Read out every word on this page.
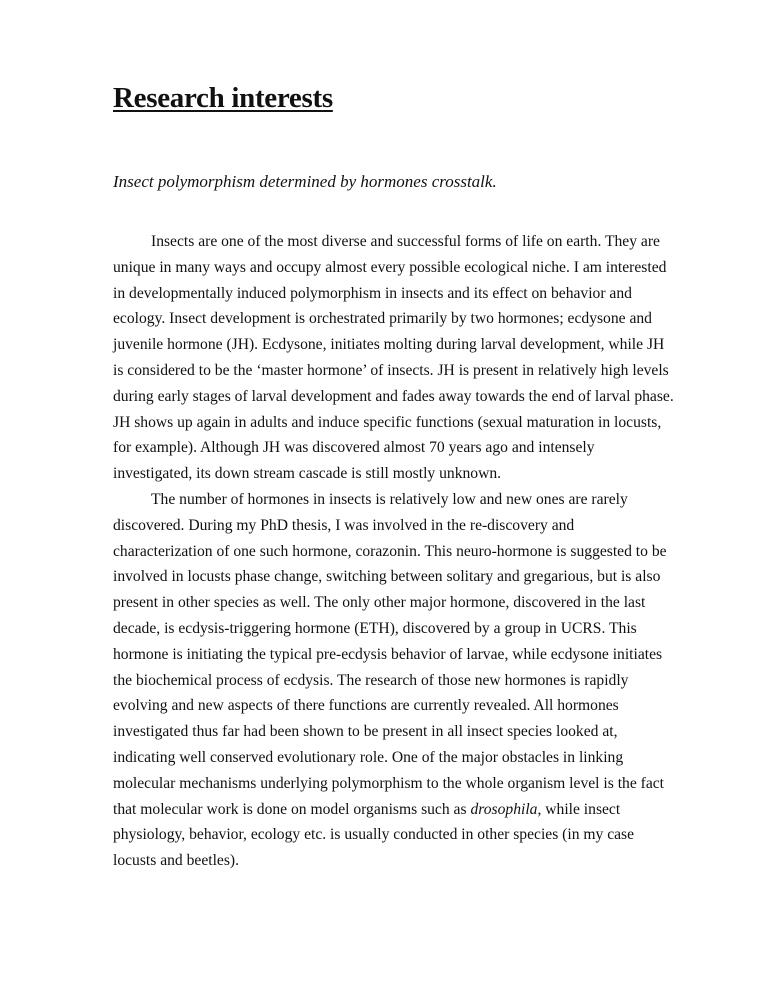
Research interests
Insect polymorphism determined by hormones crosstalk.
Insects are one of the most diverse and successful forms of life on earth. They are
unique in many ways and occupy almost every possible ecological niche. I am interested
in developmentally induced polymorphism in insects and its effect on behavior and
ecology. Insect development is orchestrated primarily by two hormones; ecdysone and
juvenile hormone (JH). Ecdysone, initiates molting during larval development, while JH
is considered to be the ‘master hormone’ of insects. JH is present in relatively high levels
during early stages of larval development and fades away towards the end of larval phase.
JH shows up again in adults and induce specific functions (sexual maturation in locusts,
for example). Although JH was discovered almost 70 years ago and intensely
investigated, its down stream cascade is still mostly unknown.
The number of hormones in insects is relatively low and new ones are rarely
discovered. During my PhD thesis, I was involved in the re-discovery and
characterization of one such hormone, corazonin. This neuro-hormone is suggested to be
involved in locusts phase change, switching between solitary and gregarious, but is also
present in other species as well. The only other major hormone, discovered in the last
decade, is ecdysis-triggering hormone (ETH), discovered by a group in UCRS. This
hormone is initiating the typical pre-ecdysis behavior of larvae, while ecdysone initiates
the biochemical process of ecdysis. The research of those new hormones is rapidly
evolving and new aspects of there functions are currently revealed. All hormones
investigated thus far had been shown to be present in all insect species looked at,
indicating well conserved evolutionary role. One of the major obstacles in linking
molecular mechanisms underlying polymorphism to the whole organism level is the fact
that molecular work is done on model organisms such as drosophila, while insect
physiology, behavior, ecology etc. is usually conducted in other species (in my case
locusts and beetles).
